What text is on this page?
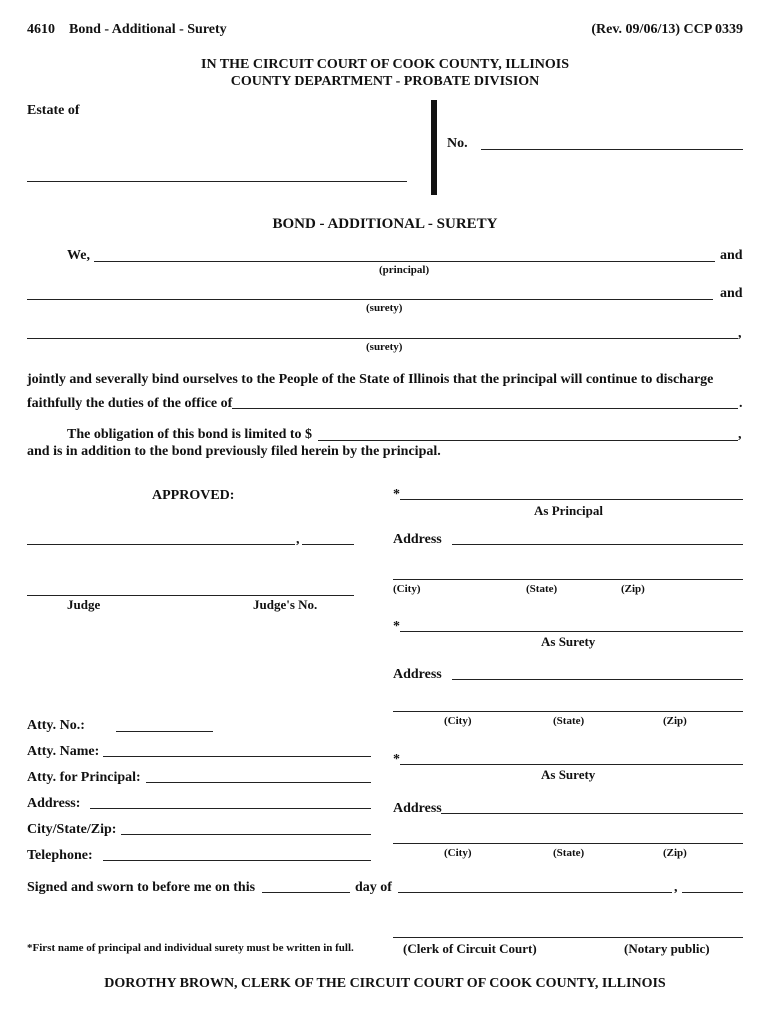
4610 Bond - Additional - Surety	(Rev. 09/06/13) CCP 0339
IN THE CIRCUIT COURT OF COOK COUNTY, ILLINOIS
COUNTY DEPARTMENT - PROBATE DIVISION
Estate of
No.
BOND - ADDITIONAL - SURETY
We,	and
(principal)
and
(surety)
,
(surety)
jointly and severally bind ourselves to the People of the State of Illinois that the principal will continue to discharge
faithfully the duties of the office of	.
The obligation of this bond is limited to $	,
and is in addition to the bond previously filed herein by the principal.
APPROVED:
,
Judge	Judge's No.
*
As Principal
Address
(City)	(State)	(Zip)
*
As Surety
Address
(City)	(State)	(Zip)
*
As Surety
Address
(City)	(State)	(Zip)
Atty. No.:
Atty. Name:
Atty. for Principal:
Address:
City/State/Zip:
Telephone:
Signed and sworn to before me on this	day of	,
(Clerk of Circuit Court)	(Notary public)
*First name of principal and individual surety must be written in full.
DOROTHY BROWN, CLERK OF THE CIRCUIT COURT OF COOK COUNTY, ILLINOIS
